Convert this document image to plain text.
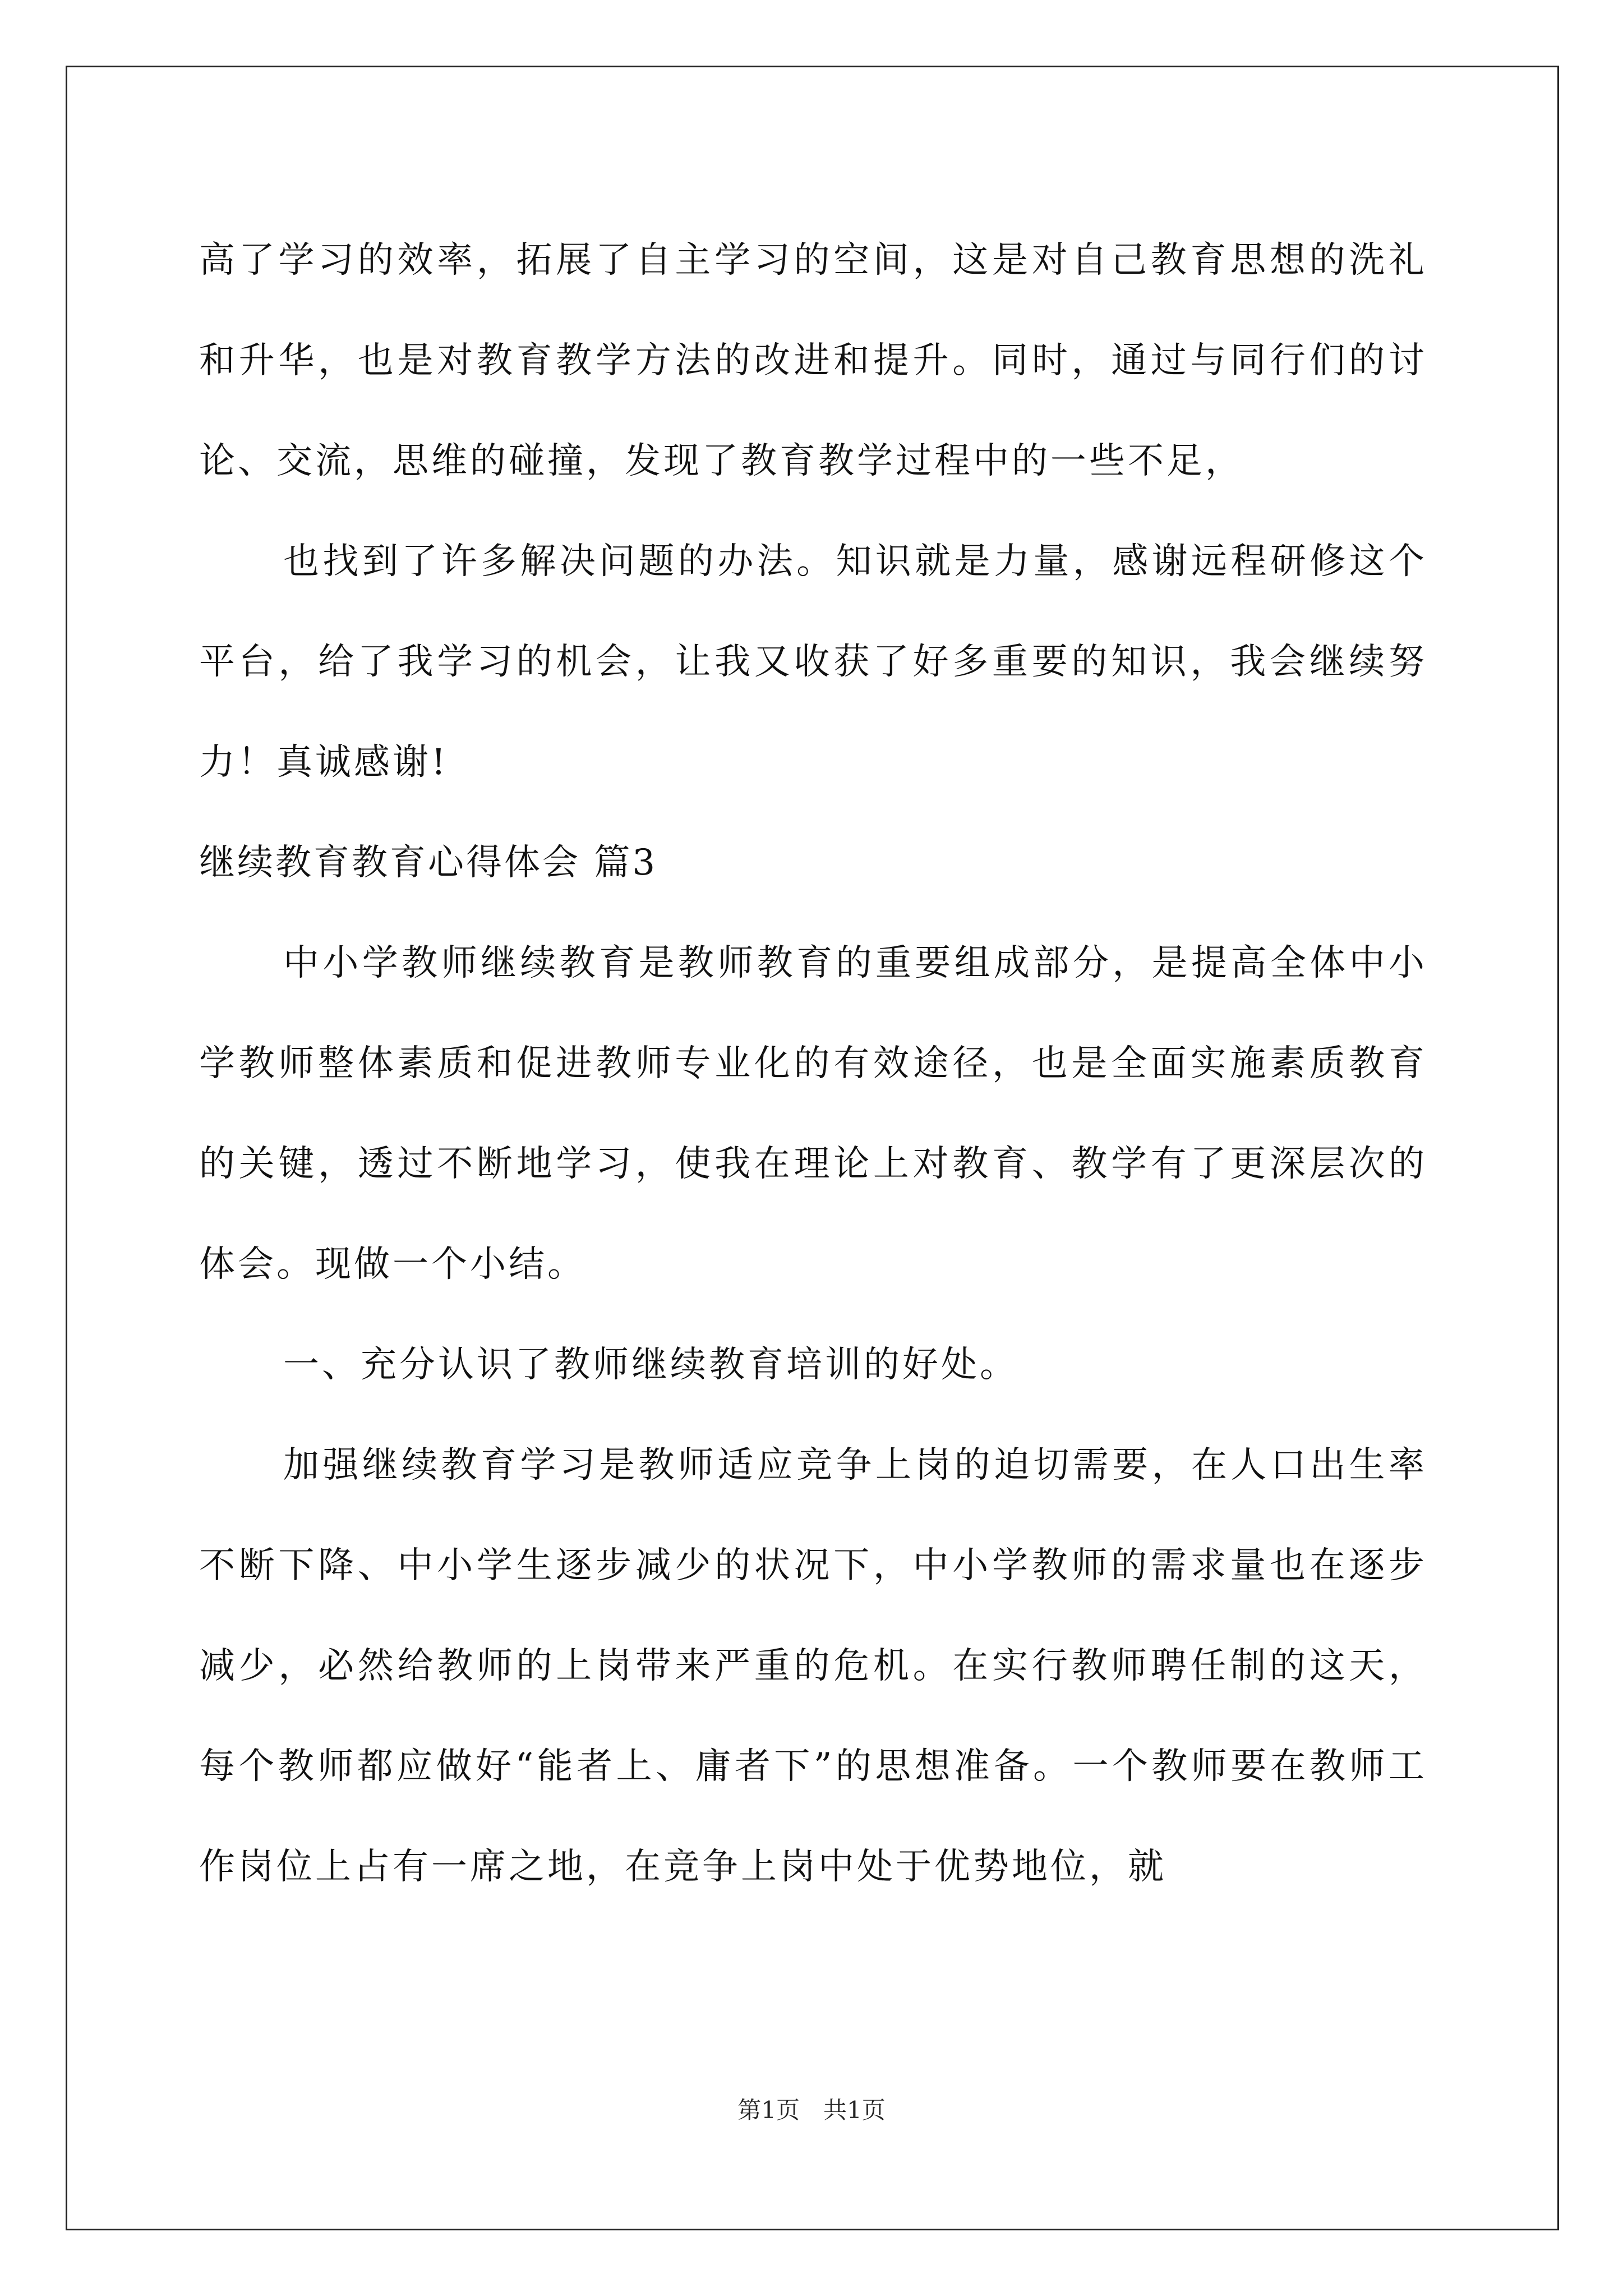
高了学习的效率，拓展了自主学习的空间，这是对自己教育思想的洗礼和升华，也是对教育教学方法的改进和提升。同时，通过与同行们的讨论、交流，思维的碰撞，发现了教育教学过程中的一些不足，

也找到了许多解决问题的办法。知识就是力量，感谢远程研修这个平台，给了我学习的机会，让我又收获了好多重要的知识，我会继续努力！真诚感谢!

继续教育教育心得体会 篇3

中小学教师继续教育是教师教育的重要组成部分，是提高全体中小学教师整体素质和促进教师专业化的有效途径，也是全面实施素质教育的关键，透过不断地学习，使我在理论上对教育、教学有了更深层次的体会。现做一个小结。

一、充分认识了教师继续教育培训的好处。

加强继续教育学习是教师适应竞争上岗的迫切需要，在人口出生率不断下降、中小学生逐步减少的状况下，中小学教师的需求量也在逐步减少，必然给教师的上岗带来严重的危机。在实行教师聘任制的这天，每个教师都应做好“能者上、庸者下”的思想准备。一个教师要在教师工作岗位上占有一席之地，在竞争上岗中处于优势地位，就

第1页　共1页
